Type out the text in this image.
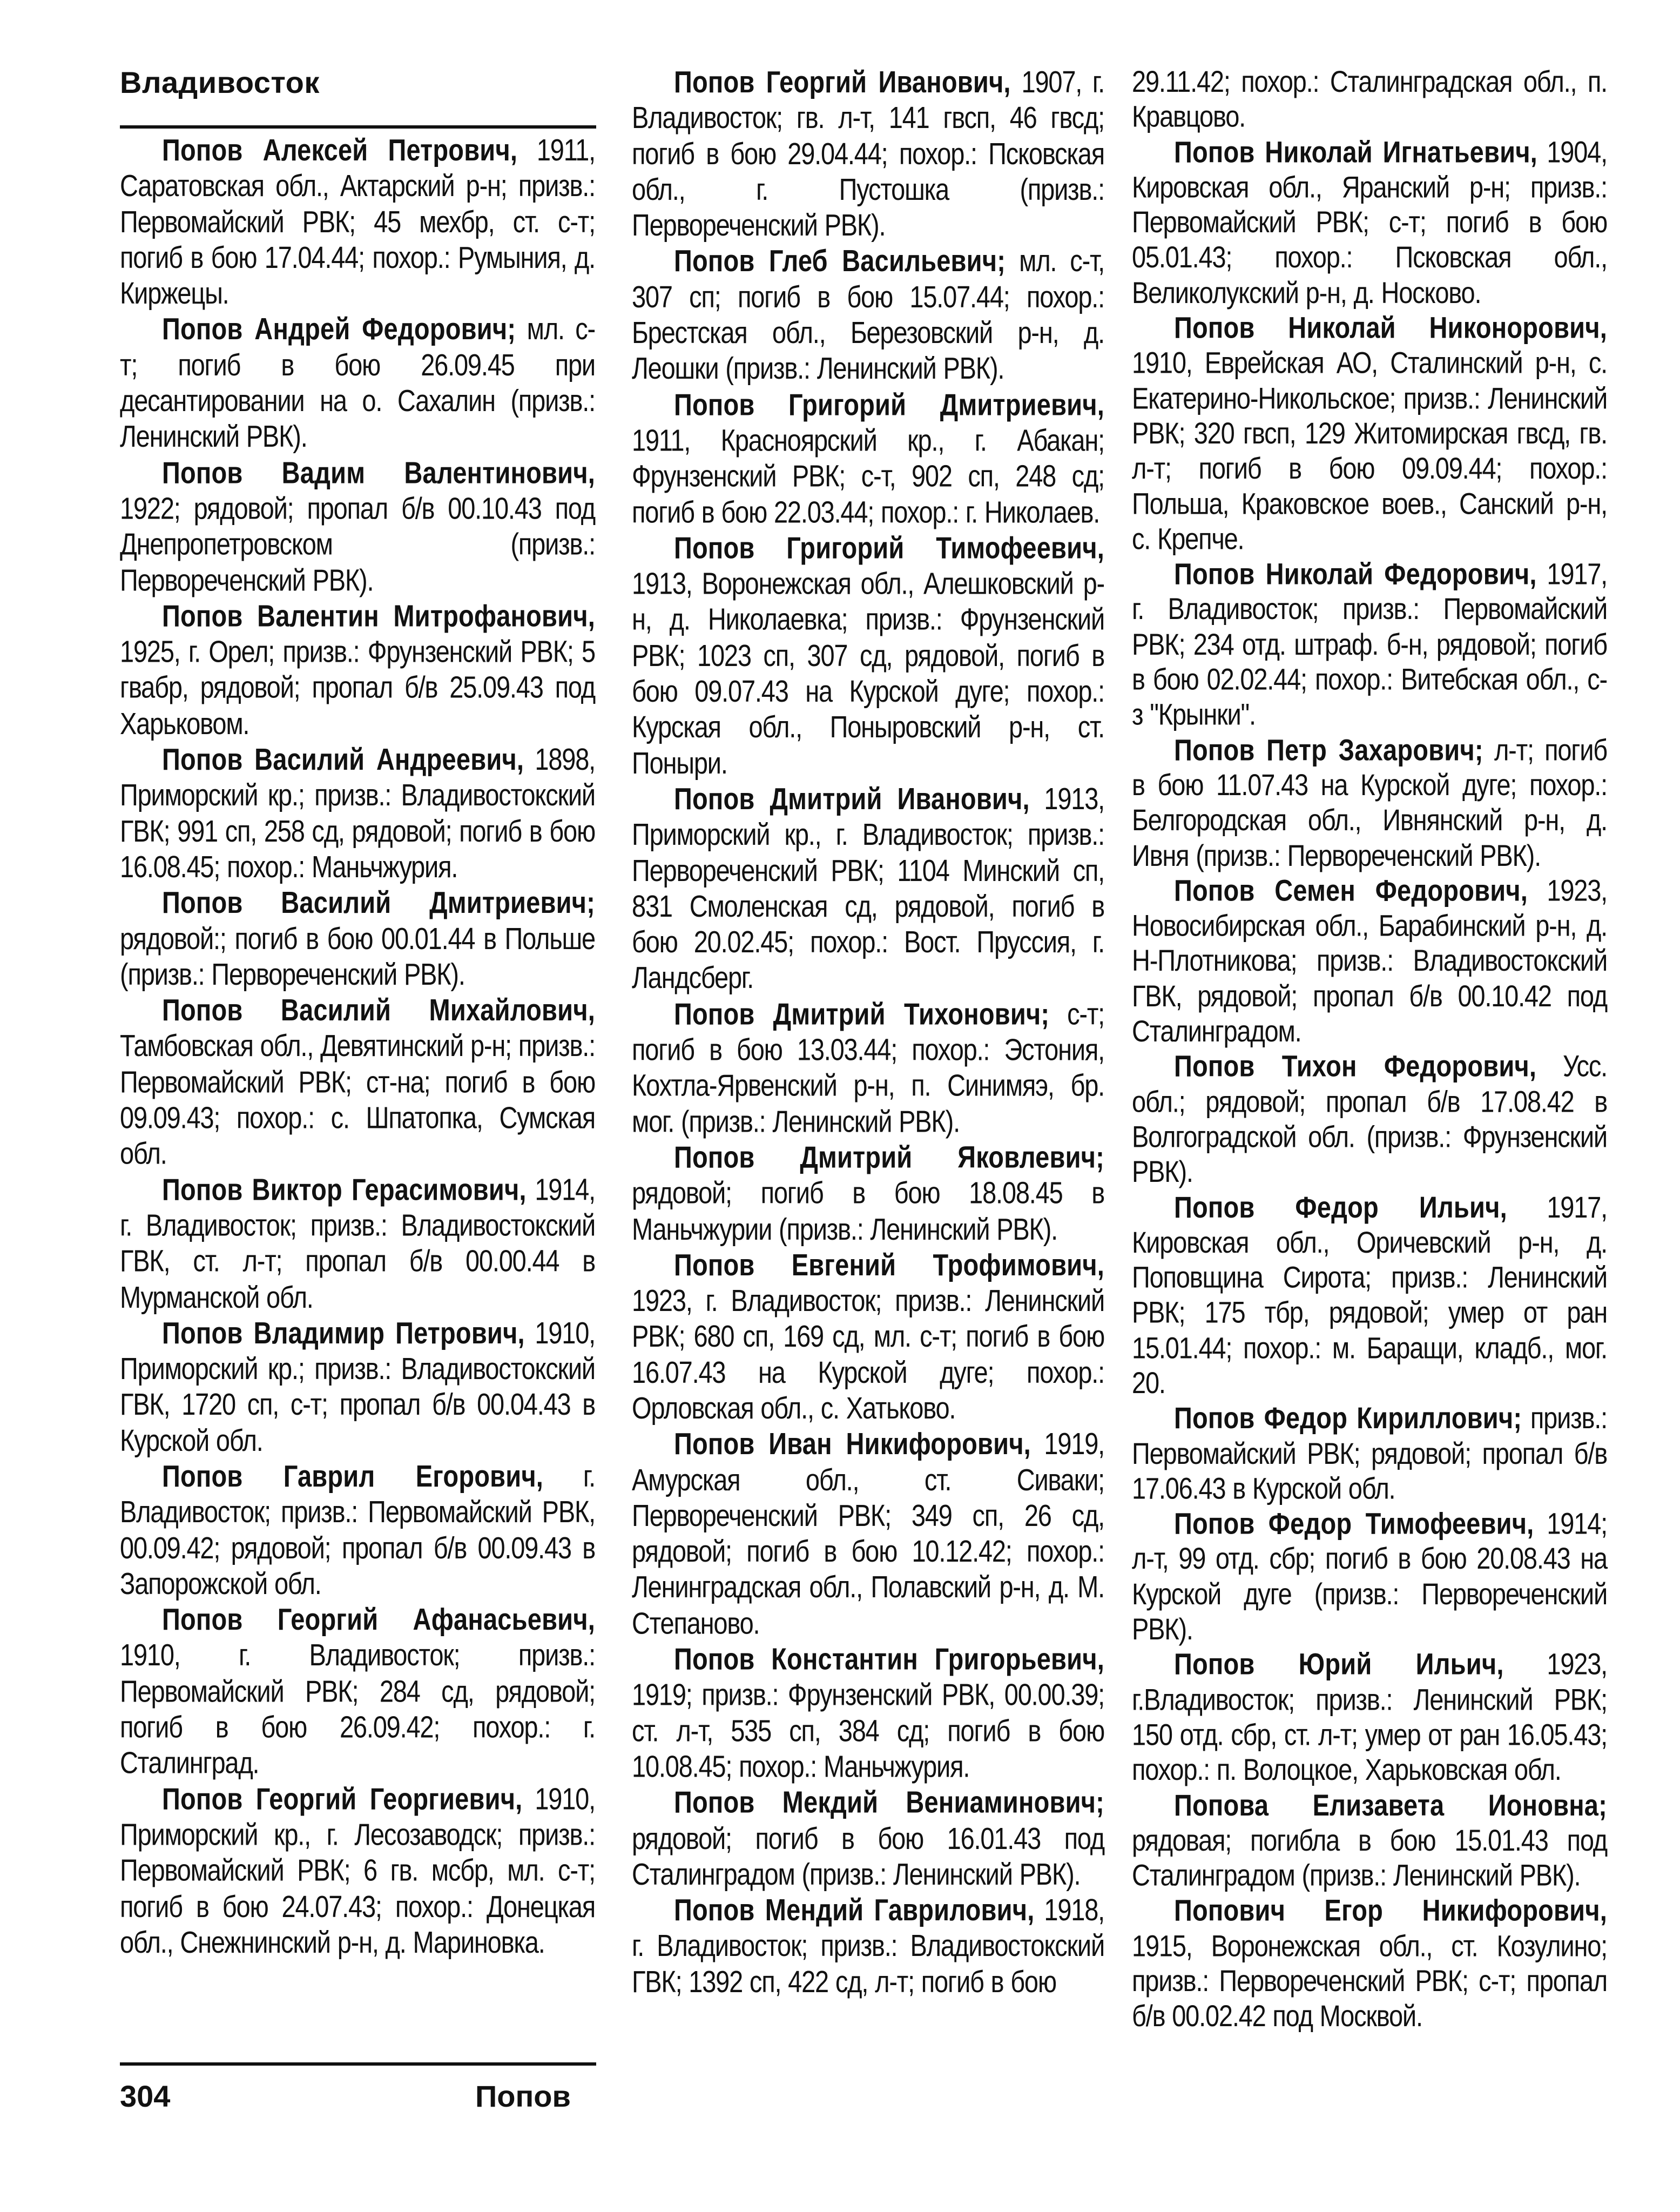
Владивосток

Попов Алексей Петрович, 1911, Саратовская обл., Актарский р-н; призв.: Первомайский РВК; 45 мехбр, ст. с-т; погиб в бою 17.04.44; похор.: Румыния, д. Киржецы.

Попов Андрей Федорович; мл. с-т; погиб в бою 26.09.45 при десантировании на о. Сахалин (призв.: Ленинский РВК).

Попов Вадим Валентинович, 1922; рядовой; пропал б/в 00.10.43 под Днепропетровском (призв.: Первореченский РВК).

Попов Валентин Митрофанович, 1925, г. Орел; призв.: Фрунзенский РВК; 5 гвабр, рядовой; пропал б/в 25.09.43 под Харьковом.

Попов Василий Андреевич, 1898, Приморский кр.; призв.: Владивостокский ГВК; 991 сп, 258 сд, рядовой; погиб в бою 16.08.45; похор.: Маньчжурия.

Попов Василий Дмитриевич; рядовой:; погиб в бою 00.01.44 в Польше (призв.: Первореченский РВК).

Попов Василий Михайлович, Тамбовская обл., Девятинский р-н; призв.: Первомайский РВК; ст-на; погиб в бою 09.09.43; похор.: с. Шпатопка, Сумская обл.

Попов Виктор Герасимович, 1914, г. Владивосток; призв.: Владивостокский ГВК, ст. л-т; пропал б/в 00.00.44 в Мурманской обл.

Попов Владимир Петрович, 1910, Приморский кр.; призв.: Владивостокский ГВК, 1720 сп, с-т; пропал б/в 00.04.43 в Курской обл.

Попов Гаврил Егорович, г. Владивосток; призв.: Первомайский РВК, 00.09.42; рядовой; пропал б/в 00.09.43 в Запорожской обл.

Попов Георгий Афанасьевич, 1910, г. Владивосток; призв.: Первомайский РВК; 284 сд, рядовой; погиб в бою 26.09.42; похор.: г. Сталинград.

Попов Георгий Георгиевич, 1910, Приморский кр., г. Лесозаводск; призв.: Первомайский РВК; 6 гв. мсбр, мл. с-т; погиб в бою 24.07.43; похор.: Донецкая обл., Снежнинский р-н, д. Мариновка.

Попов Георгий Иванович, 1907, г. Владивосток; гв. л-т, 141 гвсп, 46 гвсд; погиб в бою 29.04.44; похор.: Псковская обл., г. Пустошка (призв.: Первореченский РВК).

Попов Глеб Васильевич; мл. с-т, 307 сп; погиб в бою 15.07.44; похор.: Брестская обл., Березовский р-н, д. Леошки (призв.: Ленинский РВК).

Попов Григорий Дмитриевич, 1911, Красноярский кр., г. Абакан; Фрунзенский РВК; с-т, 902 сп, 248 сд; погиб в бою 22.03.44; похор.: г. Николаев.

Попов Григорий Тимофеевич, 1913, Воронежская обл., Алешковский р-н, д. Николаевка; призв.: Фрунзенский РВК; 1023 сп, 307 сд, рядовой, погиб в бою 09.07.43 на Курской дуге; похор.: Курская обл., Поныровский р-н, ст. Поныри.

Попов Дмитрий Иванович, 1913, Приморский кр., г. Владивосток; призв.: Первореченский РВК; 1104 Минский сп, 831 Смоленская сд, рядовой, погиб в бою 20.02.45; похор.: Вост. Пруссия, г. Ландсберг.

Попов Дмитрий Тихонович; с-т; погиб в бою 13.03.44; похор.: Эстония, Кохтла-Ярвенский р-н, п. Синимяэ, бр. мог. (призв.: Ленинский РВК).

Попов Дмитрий Яковлевич; рядовой; погиб в бою 18.08.45 в Маньчжурии (призв.: Ленинский РВК).

Попов Евгений Трофимович, 1923, г. Владивосток; призв.: Ленинский РВК; 680 сп, 169 сд, мл. с-т; погиб в бою 16.07.43 на Курской дуге; похор.: Орловская обл., с. Хатьково.

Попов Иван Никифорович, 1919, Амурская обл., ст. Сиваки; Первореченский РВК; 349 сп, 26 сд, рядовой; погиб в бою 10.12.42; похор.: Ленинградская обл., Полавский р-н, д. М. Степаново.

Попов Константин Григорьевич, 1919; призв.: Фрунзенский РВК, 00.00.39; ст. л-т, 535 сп, 384 сд; погиб в бою 10.08.45; похор.: Маньчжурия.

Попов Мекдий Вениаминович; рядовой; погиб в бою 16.01.43 под Сталинградом (призв.: Ленинский РВК).

Попов Мендий Гаврилович, 1918, г. Владивосток; призв.: Владивостокский ГВК; 1392 сп, 422 сд, л-т; погиб в бою

29.11.42; похор.: Сталинградская обл., п. Кравцово.

Попов Николай Игнатьевич, 1904, Кировская обл., Яранский р-н; призв.: Первомайский РВК; с-т; погиб в бою 05.01.43; похор.: Псковская обл., Великолукский р-н, д. Носково.

Попов Николай Никонорович, 1910, Еврейская АО, Сталинский р-н, с. Екатерино-Никольское; призв.: Ленинский РВК; 320 гвсп, 129 Житомирская гвсд, гв. л-т; погиб в бою 09.09.44; похор.: Польша, Краковское воев., Санский р-н, с. Крепче.

Попов Николай Федорович, 1917, г. Владивосток; призв.: Первомайский РВК; 234 отд. штраф. б-н, рядовой; погиб в бою 02.02.44; похор.: Витебская обл., с-з "Крынки".

Попов Петр Захарович; л-т; погиб в бою 11.07.43 на Курской дуге; похор.: Белгородская обл., Ивнянский р-н, д. Ивня (призв.: Первореченский РВК).

Попов Семен Федорович, 1923, Новосибирская обл., Барабинский р-н, д. Н-Плотникова; призв.: Владивостокский ГВК, рядовой; пропал б/в 00.10.42 под Сталинградом.

Попов Тихон Федорович, Усс. обл.; рядовой; пропал б/в 17.08.42 в Волгоградской обл. (призв.: Фрунзенский РВК).

Попов Федор Ильич, 1917, Кировская обл., Оричевский р-н, д. Поповщина Сирота; призв.: Ленинский РВК; 175 тбр, рядовой; умер от ран 15.01.44; похор.: м. Баращи, кладб., мог. 20.

Попов Федор Кириллович; призв.: Первомайский РВК; рядовой; пропал б/в 17.06.43 в Курской обл.

Попов Федор Тимофеевич, 1914; л-т, 99 отд. сбр; погиб в бою 20.08.43 на Курской дуге (призв.: Первореченский РВК).

Попов Юрий Ильич, 1923, г.Владивосток; призв.: Ленинский РВК; 150 отд. сбр, ст. л-т; умер от ран 16.05.43; похор.: п. Волоцкое, Харьковская обл.

Попова Елизавета Ионовна; рядовая; погибла в бою 15.01.43 под Сталинградом (призв.: Ленинский РВК).

Попович Егор Никифорович, 1915, Воронежская обл., ст. Козулино; призв.: Первореченский РВК; с-т; пропал б/в 00.02.42 под Москвой.

304	Попов
